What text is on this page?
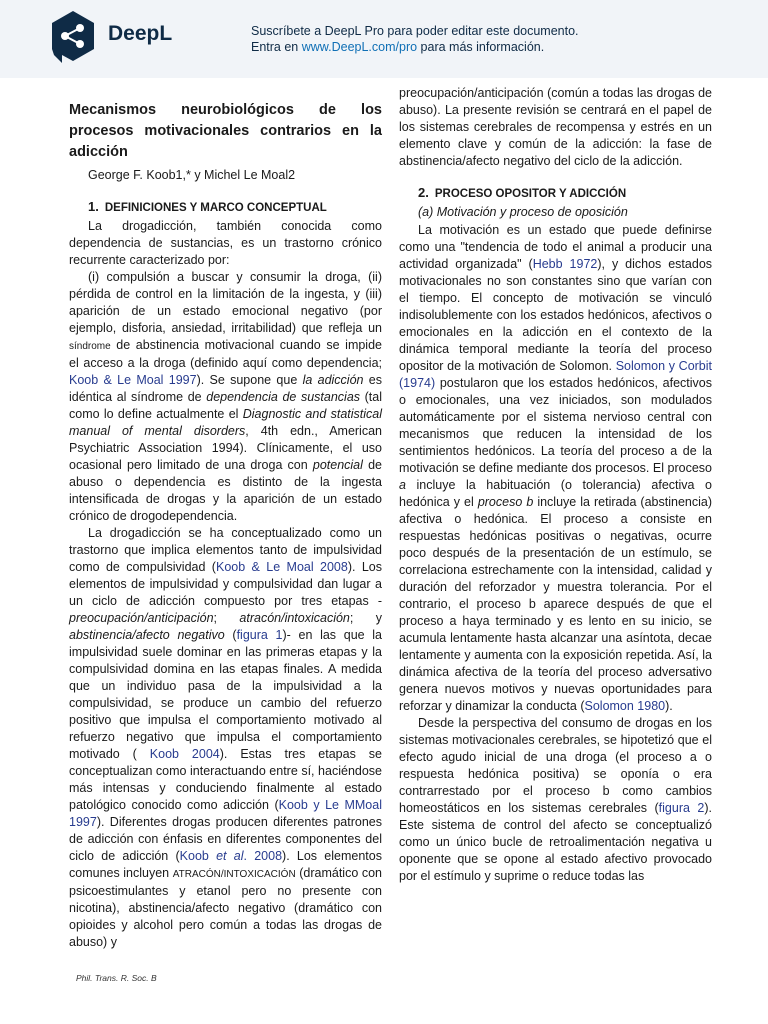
DeepL	Suscríbete a DeepL Pro para poder editar este documento.
Entra en www.DeepL.com/pro para más información.
Mecanismos neurobiológicos de los procesos motivacionales contrarios en la adicción
George F. Koob1,* y Michel Le Moal2
1. DEFINICIONES Y MARCO CONCEPTUAL

La drogadicción, también conocida como dependencia de sustancias, es un trastorno crónico recurrente caracterizado por:

(i) compulsión a buscar y consumir la droga, (ii) pérdida de control en la limitación de la ingesta, y (iii) aparición de un estado emocional negativo (por ejemplo, disforia, ansiedad, irritabilidad) que refleja un síndrome de abstinencia motivacional cuando se impide el acceso a la droga (definido aquí como dependencia; Koob & Le Moal 1997). Se supone que la adicción es idéntica al síndrome de dependencia de sustancias (tal como lo define actualmente el Diagnostic and statistical manual of mental disorders, 4th edn., American Psychiatric Association 1994). Clínicamente, el uso ocasional pero limitado de una droga con potencial de abuso o dependencia es distinto de la ingesta intensificada de drogas y la aparición de un estado crónico de drogodependencia.

La drogadicción se ha conceptualizado como un trastorno que implica elementos tanto de impulsividad como de compulsividad (Koob & Le Moal 2008). Los elementos de impulsividad y compulsividad dan lugar a un ciclo de adicción compuesto por tres etapas -preocupación/anticipación; atracón/intoxicación; y abstinencia/afecto negativo (figura 1)- en las que la impulsividad suele dominar en las primeras etapas y la compulsividad domina en las etapas finales. A medida que un individuo pasa de la impulsividad a la compulsividad, se produce un cambio del refuerzo positivo que impulsa el comportamiento motivado al refuerzo negativo que impulsa el comportamiento motivado ( Koob 2004). Estas tres etapas se conceptualizan como interactuando entre sí, haciéndose más intensas y conduciendo finalmente al estado patológico conocido como adicción (Koob y Le MMoal 1997). Diferentes drogas producen diferentes patrones de adicción con énfasis en diferentes componentes del ciclo de adicción (Koob et al. 2008). Los elementos comunes incluyen ATRACÓN/INTOXICACIÓN (dramático con psicoestimulantes y etanol pero no presente con nicotina), abstinencia/afecto negativo (dramático con opioides y alcohol pero común a todas las drogas de abuso) y

preocupación/anticipación (común a todas las drogas de abuso). La presente revisión se centrará en el papel de los sistemas cerebrales de recompensa y estrés en un elemento clave y común de la adicción: la fase de abstinencia/afecto negativo del ciclo de la adicción.

2. PROCESO OPOSITOR Y ADICCIÓN
(a) Motivación y proceso de oposición

La motivación es un estado que puede definirse como una "tendencia de todo el animal a producir una actividad organizada" (Hebb 1972), y dichos estados motivacionales no son constantes sino que varían con el tiempo. El concepto de motivación se vinculó indisolublemente con los estados hedónicos, afectivos o emocionales en la adicción en el contexto de la dinámica temporal mediante la teoría del proceso opositor de la motivación de Solomon. Solomon y Corbit (1974) postularon que los estados hedónicos, afectivos o emocionales, una vez iniciados, son modulados automáticamente por el sistema nervioso central con mecanismos que reducen la intensidad de los sentimientos hedónicos. La teoría del proceso a de la motivación se define mediante dos procesos. El proceso a incluye la habituación (o tolerancia) afectiva o hedónica y el proceso b incluye la retirada (abstinencia) afectiva o hedónica. El proceso a consiste en respuestas hedónicas positivas o negativas, ocurre poco después de la presentación de un estímulo, se correlaciona estrechamente con la intensidad, calidad y duración del reforzador y muestra tolerancia. Por el contrario, el proceso b aparece después de que el proceso a haya terminado y es lento en su inicio, se acumula lentamente hasta alcanzar una asíntota, decae lentamente y aumenta con la exposición repetida. Así, la dinámica afectiva de la teoría del proceso adversativo genera nuevos motivos y nuevas oportunidades para reforzar y dinamizar la conducta (Solomon 1980).

Desde la perspectiva del consumo de drogas en los sistemas motivacionales cerebrales, se hipotetizó que el efecto agudo inicial de una droga (el proceso a o respuesta hedónica positiva) se oponía o era contrarrestado por el proceso b como cambios homeostáticos en los sistemas cerebrales (figura 2). Este sistema de control del afecto se conceptualizó como un único bucle de retroalimentación negativa u oponente que se opone al estado afectivo provocado por el estímulo y suprime o reduce todas las

Phil. Trans. R. Soc. B
